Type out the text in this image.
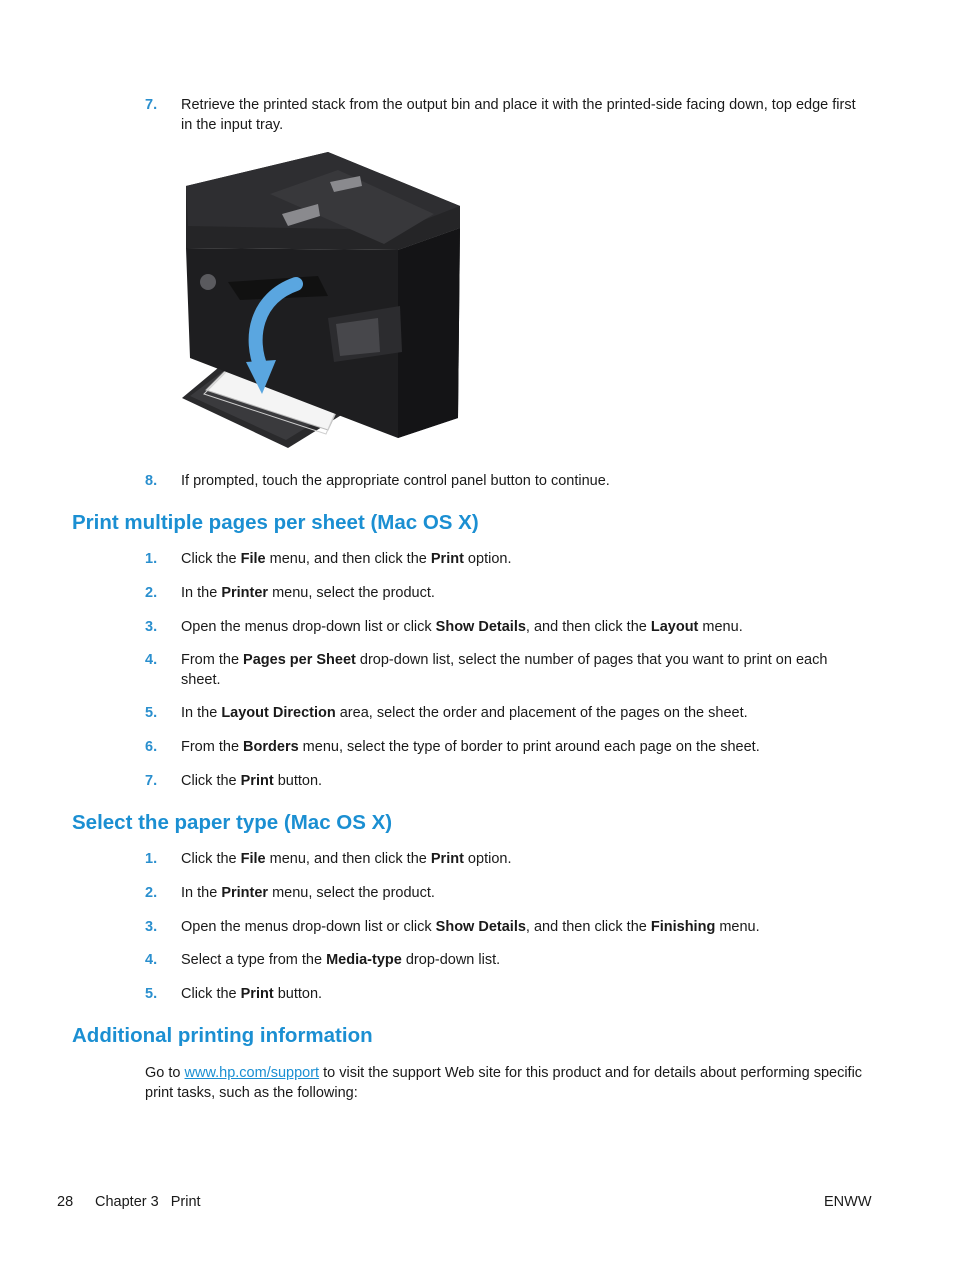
7.	Retrieve the printed stack from the output bin and place it with the printed-side facing down, top edge first in the input tray.
8.	If prompted, touch the appropriate control panel button to continue.
Print multiple pages per sheet (Mac OS X)
1.	Click the File menu, and then click the Print option.
2.	In the Printer menu, select the product.
3.	Open the menus drop-down list or click Show Details, and then click the Layout menu.
4.	From the Pages per Sheet drop-down list, select the number of pages that you want to print on each sheet.
5.	In the Layout Direction area, select the order and placement of the pages on the sheet.
6.	From the Borders menu, select the type of border to print around each page on the sheet.
7.	Click the Print button.
Select the paper type (Mac OS X)
1.	Click the File menu, and then click the Print option.
2.	In the Printer menu, select the product.
3.	Open the menus drop-down list or click Show Details, and then click the Finishing menu.
4.	Select a type from the Media-type drop-down list.
5.	Click the Print button.
Additional printing information
Go to www.hp.com/support to visit the support Web site for this product and for details about performing specific print tasks, such as the following:
28 Chapter 3   Print	ENWW
